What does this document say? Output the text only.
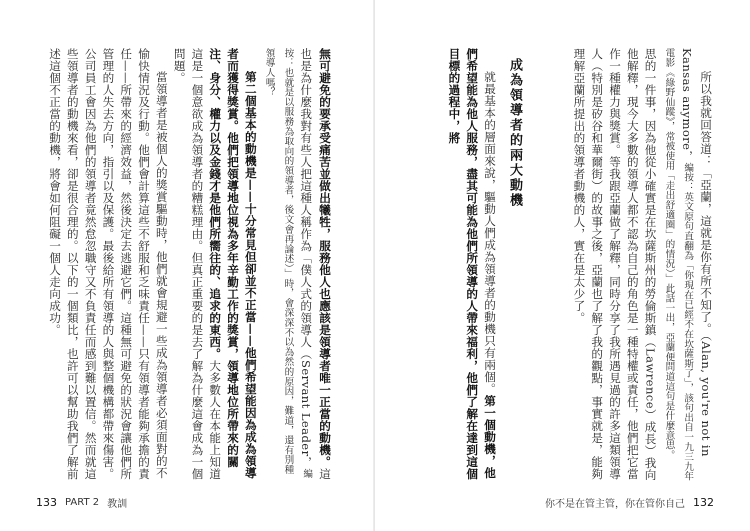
無可避免的要承受痛苦並做出犧牲，服務他人也應該是領導者唯一正當的動機。這也是為什麼我對有些人把這種人稱作為「僕人式的領導人（Servant Leader，編按：也就是以服務為取向的領導者，後文會再論述）」時，會深深不以為然的原因，難道，還有別種領導人嗎？

第二個基本的動機是——十分常見但卻並不正當——他們希望能因為成為領導者而獲得獎賞。他們把領導地位視為多年辛勤工作的獎賞，領導地位所帶來的關注、身分、權力以及金錢才是他們所嚮往的、追求的東西。大多數人在本能上知道這是一個意欲成為領導者的糟糕理由。但真正重要的是去了解為什麼這會成為一個問題。

當領導者是被個人的獎賞驅動時，他們就會規避一些成為領導者必須面對的不愉快情況及行動。他們會計算這些不舒服和乏味責任——只有領導者能夠承擔的責任——所帶來的經濟效益，然後決定去逃避它們。這種無可避免的狀況會讓他們所管理的人失去方向，指引以及保護。最後給所有領導的人與整個機構都帶來傷害。公司員工會因為他們的領導者竟然怠忽職守又不負責任而感到難以置信。然而就這些領導者的動機來看，卻是很合理的。以下的一個類比，也許可以幫助我們了解前述這個不正當的動機，將會如何阻礙一個人走向成功。

133 PART 2 教訓

所以我就回答道：「亞蘭，這就是你有所不知了。（Alan, you're not in Kansas anymore，編按：英文原句直翻為「你現在已經不在坎薩斯了」，該句出自一九三九年電影《綠野仙蹤》，常被使用「走出舒適圈」的情況）」此話一出，亞蘭便問道這句是什麼意思。

思的一件事，因為他從小確實是在坎薩斯州的勞倫斯鎮（Lawrence）成長）我向他解釋，現今大多數的領導人都不認為自己的角色是一種特權或責任，他們把它當作一種權力與獎賞。等我跟亞蘭做了解釋，同時分享了我所遇見過的許多這類領導人（特別是矽谷和華爾街）的故事之後，亞蘭也了解了我的觀點，事實就是，能夠理解亞蘭所提出的領導者動機的人，實在是太少了。

成為領導者的兩大動機

就最基本的層面來說，驅動人們成為領導者的動機只有兩個。第一個動機，他們希望能為他人服務，盡其可能為他們所領導的人帶來福利，他們了解在達到這個目標的過程中，將

你不是在管主管，你在管你自己 132
